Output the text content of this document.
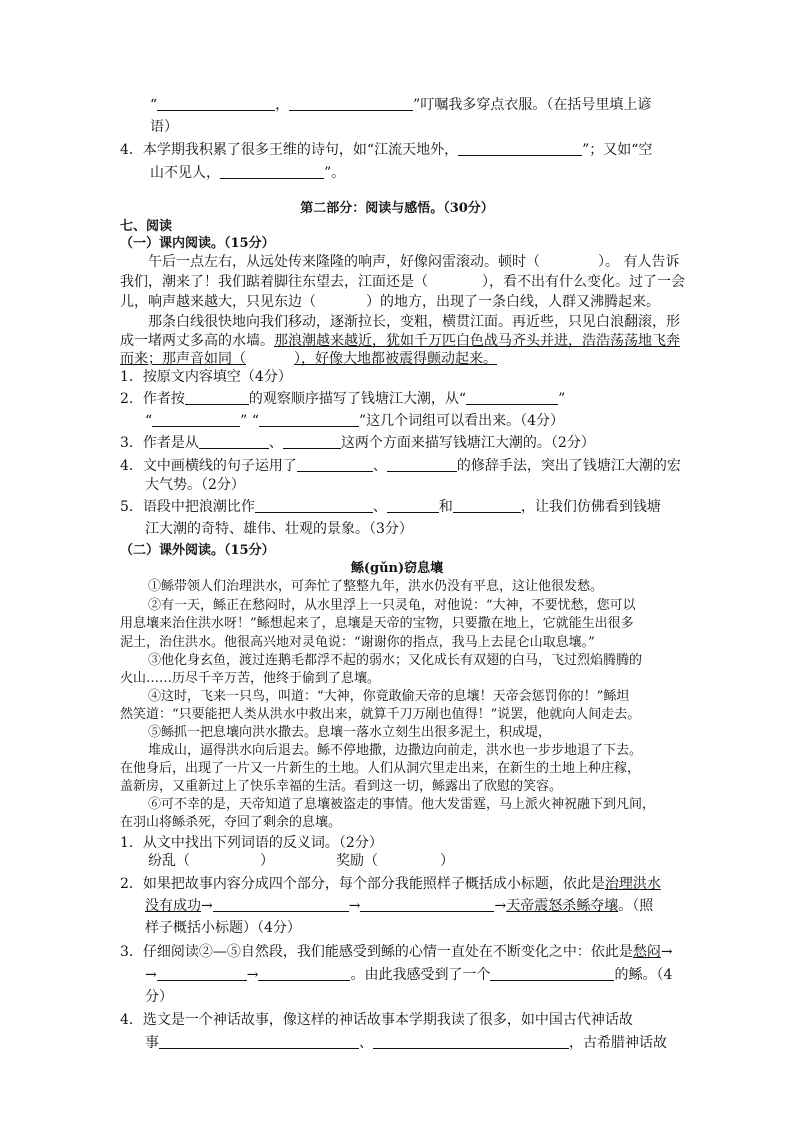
“	，	”叮嘱我多穿点衣服。（在括号里填上谚
语）
4．本学期我积累了很多王维的诗句，如“江流天地外，	”；又如“空
山不见人，	”。
第二部分：阅读与感悟。（30分）
七、阅读
（一）课内阅读。（15分）
午后一点左右，从远处传来隆隆的响声，好像闷雷滚动。顿时（	）。 有人告诉
我们，潮来了！我们踮着脚往东望去，江面还是（	），看不出有什么变化。过了一会
儿，响声越来越大，只见东边（	）的地方，出现了一条白线，人群又沸腾起来。
那条白线很快地向我们移动，逐渐拉长，变粗，横贯江面。再近些，只见白浪翻滚，形
成一堵两丈多高的水墙。那浪潮越来越近，犹如千万匹白色战马齐头并进，浩浩荡荡地飞奔
而来；那声音如同（	），好像大地都被震得颤动起来。
1．按原文内容填空（4分）
2．作者按	的观察顺序描写了钱塘江大潮，从“	”
“	” “	”这几个词组可以看出来。（4分）
3．作者是从	、	这两个方面来描写钱塘江大潮的。（2分）
4．文中画横线的句子运用了	、	的修辞手法，突出了钱塘江大潮的宏
大气势。（2分）
5．语段中把浪潮比作	、	和	，让我们仿佛看到钱塘
江大潮的奇特、雄伟、壮观的景象。（3分）
（二）课外阅读。（15分）
鲧(gǔn)窃息壤
①鲧带领人们治理洪水，可奔忙了整整九年，洪水仍没有平息，这让他很发愁。
②有一天，鲧正在愁闷时，从水里浮上一只灵龟，对他说：“大神，不要忧愁，您可以
用息壤来治住洪水呀！”鲧想起来了，息壤是天帝的宝物，只要撒在地上，它就能生出很多
泥土，治住洪水。他很高兴地对灵龟说：“谢谢你的指点，我马上去昆仑山取息壤。”
③他化身玄鱼，渡过连鹅毛都浮不起的弱水；又化成长有双翅的白马，飞过烈焰腾腾的
火山……历尽千辛万苦，他终于偷到了息壤。
④这时，飞来一只鸟，叫道：“大神，你竟敢偷天帝的息壤！天帝会惩罚你的！”鲧坦
然笑道：“只要能把人类从洪水中救出来，就算千刀万剐也值得！”说罢，他就向人间走去。
⑤鲧抓一把息壤向洪水撒去。息壤一落水立刻生出很多泥土，积成堤，
堆成山，逼得洪水向后退去。鲧不停地撒，边撒边向前走，洪水也一步步地退了下去。
在他身后，出现了一片又一片新生的土地。人们从洞穴里走出来，在新生的土地上种庄稼，
盖新房，又重新过上了快乐幸福的生活。看到这一切，鲧露出了欣慰的笑容。
⑥可不幸的是，天帝知道了息壤被盗走的事情。他大发雷霆，马上派火神祝融下到凡间，
在羽山将鲧杀死，夺回了剩余的息壤。
1．从文中找出下列词语的反义词。（2分）
纷乱（	）	奖励（	）
2．如果把故事内容分成四个部分，每个部分我能照样子概括成小标题，依此是治理洪水
没有成功→	→	→天帝震怒杀鲧夺壤。（照
样子概括小标题）（4分）
3．仔细阅读②—⑤自然段，我们能感受到鲧的心情一直处在不断变化之中：依此是愁闷→
→	→	。由此我感受到了一个	的鲧。（4
分）
4．选文是一个神话故事，像这样的神话故事本学期我读了很多，如中国古代神话故
事	、	，古希腊神话故
